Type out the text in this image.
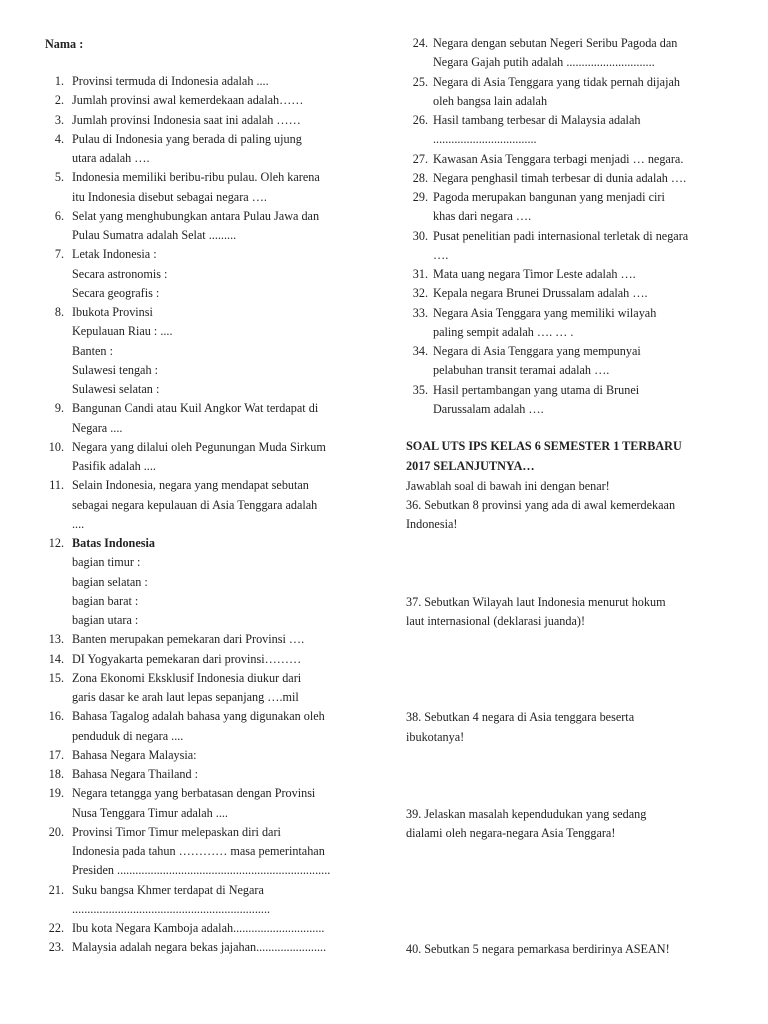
Nama :
1. Provinsi termuda di Indonesia adalah ....
2. Jumlah provinsi awal kemerdekaan adalah……
3. Jumlah provinsi Indonesia saat ini adalah ……
4. Pulau di Indonesia yang berada di paling ujung
utara adalah ….
5. Indonesia memiliki beribu-ribu pulau. Oleh karena
itu Indonesia disebut sebagai negara ….
6. Selat yang menghubungkan antara Pulau Jawa dan
Pulau Sumatra adalah Selat .........
7. Letak Indonesia :
Secara astronomis :
Secara geografis :
8. Ibukota Provinsi
Kepulauan Riau : ....
Banten :
Sulawesi tengah :
Sulawesi selatan :
9. Bangunan Candi atau Kuil Angkor Wat terdapat di
Negara ....
10. Negara yang dilalui oleh Pegunungan Muda Sirkum
Pasifik adalah ....
11. Selain Indonesia, negara yang mendapat sebutan
sebagai negara kepulauan di Asia Tenggara adalah
....
12. Batas Indonesia
bagian timur :
bagian selatan :
bagian barat :
bagian utara :
13. Banten merupakan pemekaran dari Provinsi ….
14. DI Yogyakarta pemekaran dari provinsi………
15. Zona Ekonomi Eksklusif Indonesia diukur dari
garis dasar ke arah laut lepas sepanjang ….mil
16. Bahasa Tagalog adalah bahasa yang digunakan oleh
penduduk di negara ....
17. Bahasa Negara Malaysia:
18. Bahasa Negara Thailand :
19. Negara tetangga yang berbatasan dengan Provinsi
Nusa Tenggara Timur adalah ....
20. Provinsi Timor Timur melepaskan diri dari
Indonesia pada tahun ………… masa pemerintahan
Presiden ......................................................................
21. Suku bangsa Khmer terdapat di Negara
.................................................................
22. Ibu kota Negara Kamboja adalah..............................
23. Malaysia adalah negara bekas jajahan.......................
24. Negara dengan sebutan Negeri Seribu Pagoda dan
Negara Gajah putih adalah .............................
25. Negara di Asia Tenggara yang tidak pernah dijajah
oleh bangsa lain adalah
26. Hasil tambang terbesar di Malaysia adalah
..................................
27. Kawasan Asia Tenggara terbagi menjadi … negara.
28. Negara penghasil timah terbesar di dunia adalah ….
29. Pagoda merupakan bangunan yang menjadi ciri
khas dari negara ….
30. Pusat penelitian padi internasional terletak di negara
….
31. Mata uang negara Timor Leste adalah ….
32. Kepala negara Brunei Drussalam adalah ….
33. Negara Asia Tenggara yang memiliki wilayah
paling sempit adalah …. … .
34. Negara di Asia Tenggara yang mempunyai
pelabuhan transit teramai adalah ….
35. Hasil pertambangan yang utama di Brunei
Darussalam adalah ….
SOAL UTS IPS KELAS 6 SEMESTER 1 TERBARU
2017 SELANJUTNYA…
Jawablah soal di bawah ini dengan benar!
36. Sebutkan 8 provinsi yang ada di awal kemerdekaan
Indonesia!
37. Sebutkan Wilayah laut Indonesia menurut hokum
laut internasional (deklarasi juanda)!
38. Sebutkan 4 negara di Asia tenggara beserta
ibukotanya!
39. Jelaskan masalah kependudukan yang sedang
dialami oleh negara-negara Asia Tenggara!
40. Sebutkan 5 negara pemarkasa berdirinya ASEAN!
